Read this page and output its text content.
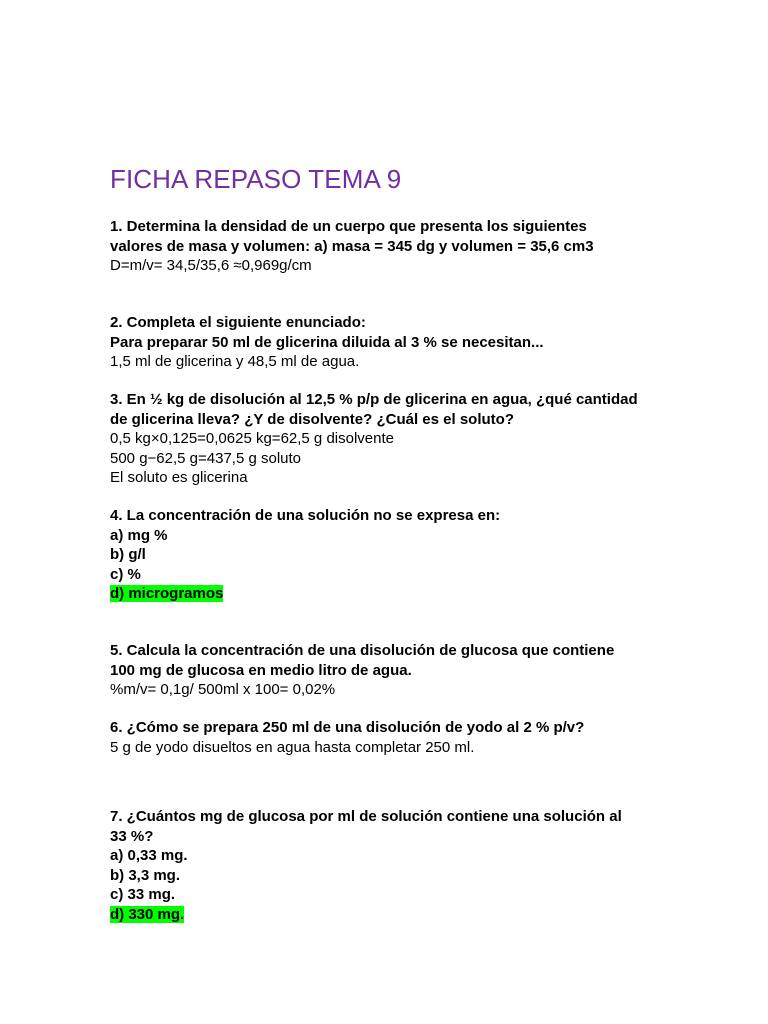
FICHA REPASO TEMA 9
1. Determina la densidad de un cuerpo que presenta los siguientes
valores de masa y volumen: a) masa = 345 dg y volumen = 35,6 cm3
D=m/v= 34,5/35,6 ≈0,969g/cm
2. Completa el siguiente enunciado:
Para preparar 50 ml de glicerina diluida al 3 % se necesitan...
1,5 ml de glicerina y 48,5 ml de agua.
3. En ½ kg de disolución al 12,5 % p/p de glicerina en agua, ¿qué cantidad
de glicerina lleva? ¿Y de disolvente? ¿Cuál es el soluto?
0,5 kg×0,125=0,0625 kg=62,5 g disolvente
500 g−62,5 g=437,5 g soluto
El soluto es glicerina
4. La concentración de una solución no se expresa en:
a) mg %
b) g/l
c) %
d) microgramos
5. Calcula la concentración de una disolución de glucosa que contiene
100 mg de glucosa en medio litro de agua.
%m/v= 0,1g/ 500ml x 100= 0,02%
6. ¿Cómo se prepara 250 ml de una disolución de yodo al 2 % p/v?
5 g de yodo disueltos en agua hasta completar 250 ml.
7. ¿Cuántos mg de glucosa por ml de solución contiene una solución al
33 %?
a) 0,33 mg.
b) 3,3 mg.
c) 33 mg.
d) 330 mg.
